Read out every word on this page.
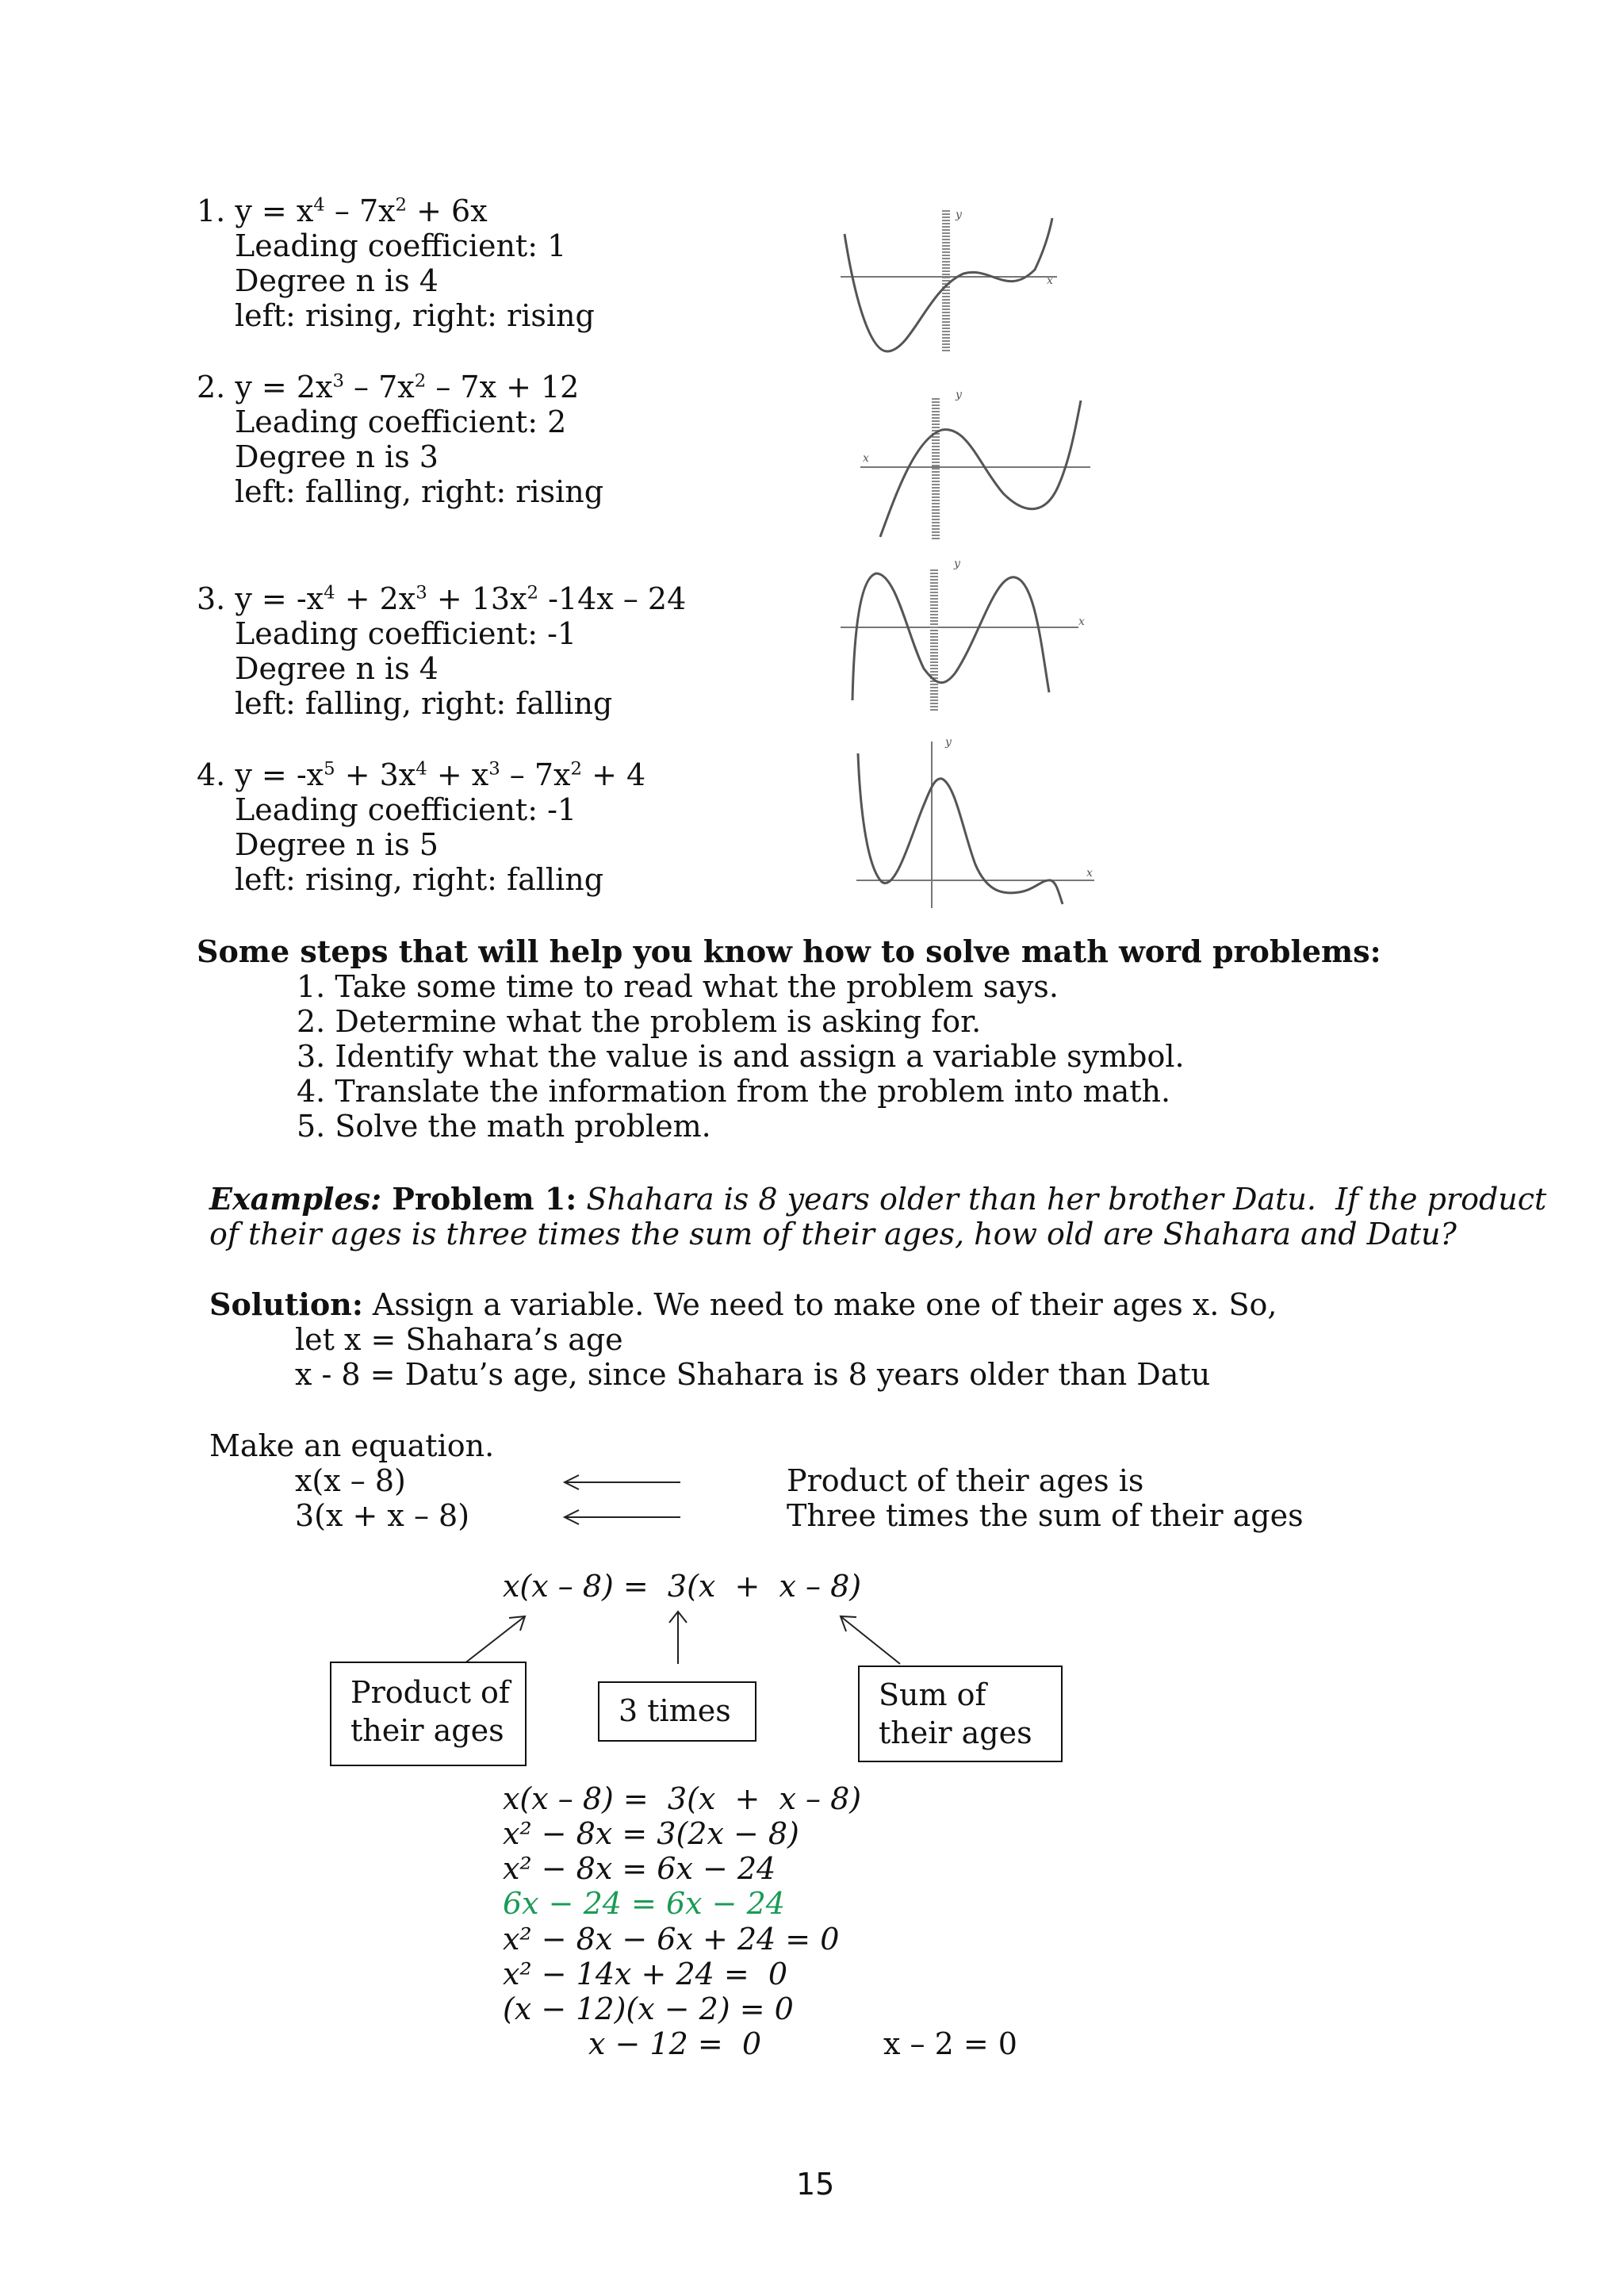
1. $y = x^4 - 7x^2 + 6x$
Leading coefficient: 1
Degree n is 4
left: rising, right: rising
2. $y = 2x^3 - 7x^2 - 7x + 12$
Leading coefficient: 2
Degree n is 3
left: falling, right: rising
3. $y = -x^4 + 2x^3 + 13x^2$ -14x – 24
Leading coefficient: -1
Degree n is 4
left: falling, right: falling
4. $y = -x^5 + 3x^4 + x^3 - 7x^2 + 4$
Leading coefficient: -1
Degree n is 5
left: rising, right: falling
y
x
y
x
y
x
y
x
Some steps that will help you know how to solve math word problems:
1. Take some time to read what the problem says.
2. Determine what the problem is asking for.
3. Identify what the value is and assign a variable symbol.
4. Translate the information from the problem into math.
5. Solve the math problem.
Examples: Problem 1: Shahara is 8 years older than her brother Datu.  If the product
of their ages is three times the sum of their ages, how old are Shahara and Datu?
Solution: Assign a variable. We need to make one of their ages x. So,
let x = Shahara’s age
x - 8 = Datu’s age, since Shahara is 8 years older than Datu
Make an equation.
x(x – 8)
3(x + x – 8)
Product of their ages is
Three times the sum of their ages
x(x – 8) =  3(x  +  x – 8)
Product of
their ages
3 times	Sum of
their ages
x(x – 8) =  3(x  +  x – 8)
x² − 8x = 3(2x − 8)
x² − 8x = 6x − 24
6x − 24 = 6x − 24
x² − 8x − 6x + 24 = 0
x² − 14x + 24 =  0
(x − 12)(x − 2) = 0
x − 12 =  0	x – 2 = 0
15
